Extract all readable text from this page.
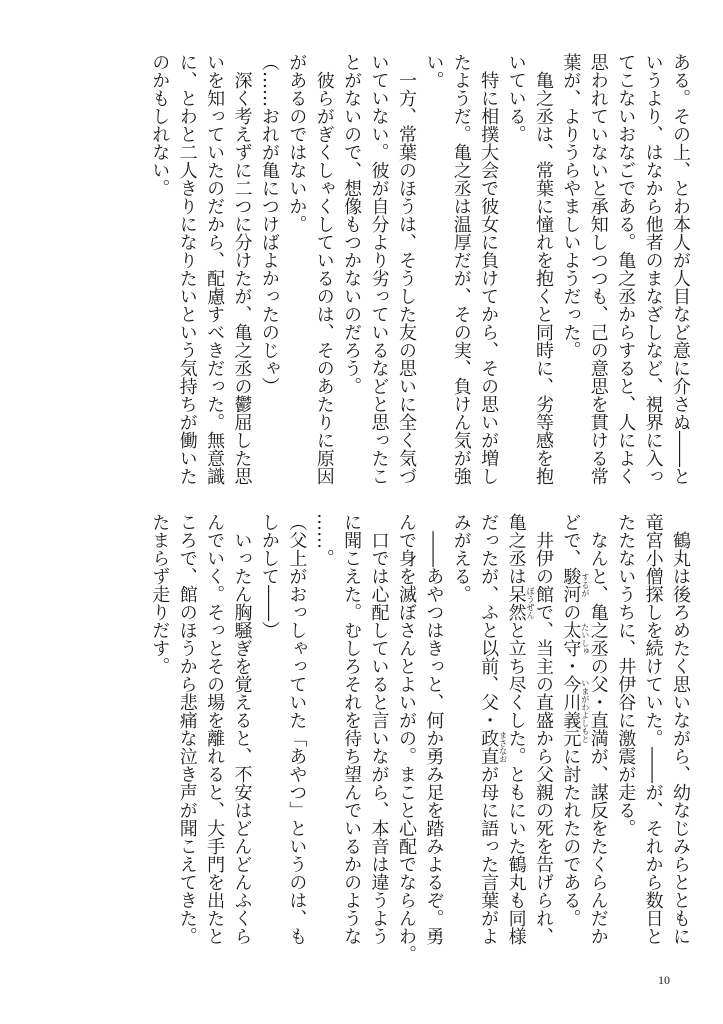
ある。その上、とわ本人が人目など意に介さぬ――と
いうより、はなから他者のまなざしなど、視界に入っ
てこないおなごである。亀之丞からすると、人によく
思われていないと承知しつつも、己の意思を貫ける常
葉が、よりうらやましいようだった。
亀之丞は、常葉に憧れを抱くと同時に、劣等感を抱
いている。
特に相撲大会で彼女に負けてから、その思いが増し
たようだ。亀之丞は温厚だが、その実、負けん気が強
い。
一方、常葉のほうは、そうした友の思いに全く気づ
いていない。彼が自分より劣っているなどと思ったこ
とがないので、想像もつかないのだろう。
彼らがぎくしゃくしているのは、そのあたりに原因
があるのではないか。
（……おれが亀につけばよかったのじゃ）
深く考えずに二つに分けたが、亀之丞の鬱屈した思
いを知っていたのだから、配慮すべきだった。無意識
に、とわと二人きりになりたいという気持ちが働いた
のかもしれない。
鶴丸は後ろめたく思いながら、幼なじみらとともに
竜宮小僧探しを続けていた。――が、それから数日と
たたないうちに、井伊谷に激震が走る。
なんと、亀之丞の父・直満が、謀反をたくらんだか
どで、駿河 するが
の太守 たいしゅ
・今川義元 いまがわよしもと
に討たれたのである。
井伊の館で、当主の直盛から父親の死を告げられ、
亀之丞は呆然 ぼうぜん
と立ち尽くした。ともにいた鶴丸も同様
だったが、ふと以前、父・政直 まさなお
が母に語った言葉がよ
みがえる。
――あやつはきっと、何か勇み足を踏みよるぞ。勇
んで身を滅ぼさんとよいがの。まこと心配でならんわ。
口では心配していると言いながら、本音は違うよう
に聞こえた。むしろそれを待ち望んでいるかのような
……。
（父上がおっしゃっていた「あやつ」というのは、も
しかして――）
いったん胸騒ぎを覚えると、不安はどんどんふくら
んでいく。そっとその場を離れると、大手門を出たと
ころで、館のほうから悲痛な泣き声が聞こえてきた。
たまらず走りだす。
10
